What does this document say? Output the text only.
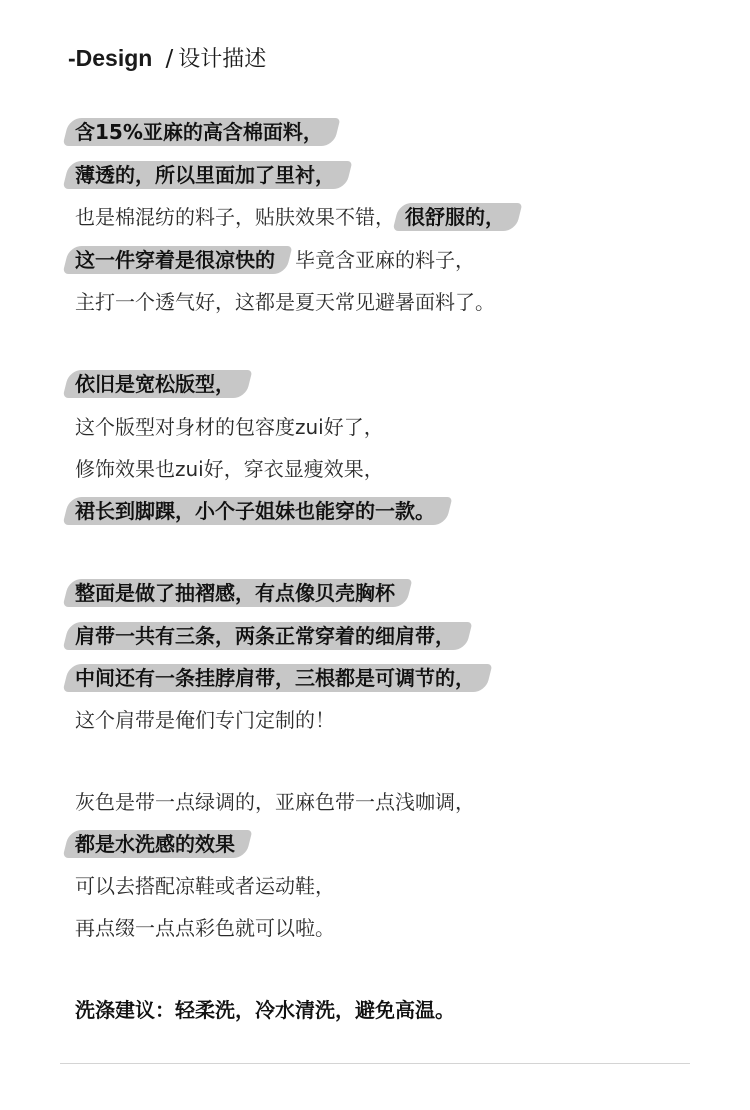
-Design / 设计描述
含15%亚麻的高含棉面料，
薄透的，所以里面加了里衬，
也是棉混纺的料子，贴肤效果不错， 很舒服的，
这一件穿着是很凉快的，毕竟含亚麻的料子，
主打一个透气好，这都是夏天常见避暑面料了。
依旧是宽松版型，
这个版型对身材的包容度zui好了，
修饰效果也zui好，穿衣显瘦效果，
裙长到脚踝，小个子姐妹也能穿的一款。
整面是做了抽褶感，有点像贝壳胸杯，
肩带一共有三条，两条正常穿着的细肩带，
中间还有一条挂脖肩带，三根都是可调节的，
这个肩带是俺们专门定制的！
灰色是带一点绿调的，亚麻色带一点浅咖调，
都是水洗感的效果，
可以去搭配凉鞋或者运动鞋，
再点缀一点点彩色就可以啦。
洗涤建议：轻柔洗，冷水清洗，避免高温。
